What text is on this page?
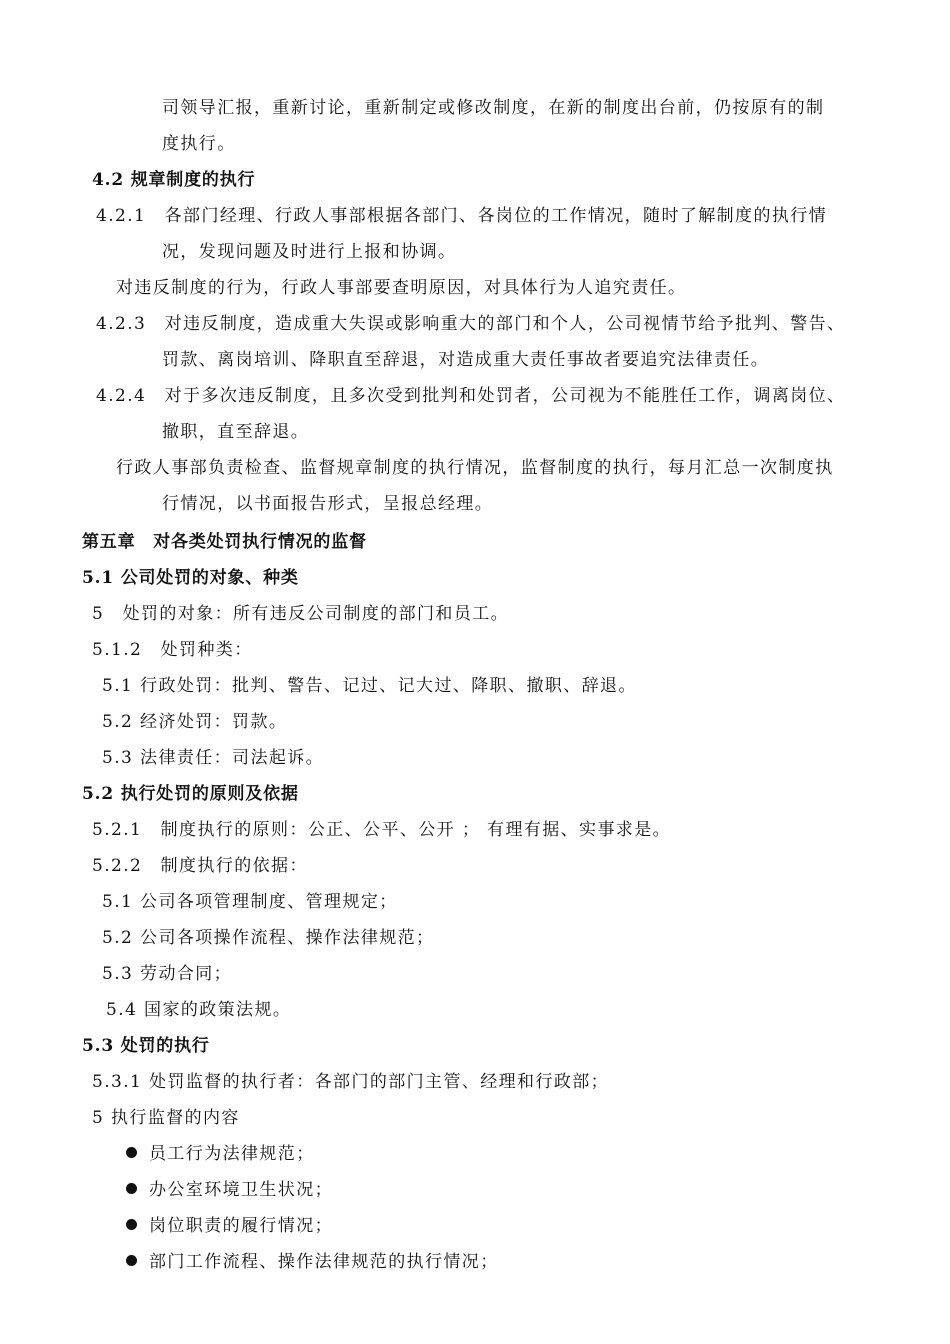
司领导汇报，重新讨论，重新制定或修改制度，在新的制度出台前，仍按原有的制
度执行。
4.2 规章制度的执行
4.2.1　各部门经理、行政人事部根据各部门、各岗位的工作情况，随时了解制度的执行情
况，发现问题及时进行上报和协调。
对违反制度的行为，行政人事部要查明原因，对具体行为人追究责任。
4.2.3　对违反制度，造成重大失误或影响重大的部门和个人，公司视情节给予批判、警告、
罚款、离岗培训、降职直至辞退，对造成重大责任事故者要追究法律责任。
4.2.4　对于多次违反制度，且多次受到批判和处罚者，公司视为不能胜任工作，调离岗位、
撤职，直至辞退。
行政人事部负责检查、监督规章制度的执行情况，监督制度的执行，每月汇总一次制度执
行情况，以书面报告形式，呈报总经理。
第五章　对各类处罚执行情况的监督
5.1 公司处罚的对象、种类
5　处罚的对象：所有违反公司制度的部门和员工。
5.1.2　处罚种类：
5.1 行政处罚：批判、警告、记过、记大过、降职、撤职、辞退。
5.2 经济处罚：罚款。
5.3 法律责任：司法起诉。
5.2 执行处罚的原则及依据
5.2.1　制度执行的原则：公正、公平、公开 ； 有理有据、实事求是。
5.2.2　制度执行的依据：
5.1 公司各项管理制度、管理规定；
5.2 公司各项操作流程、操作法律规范；
5.3 劳动合同；
5.4 国家的政策法规。
5.3 处罚的执行
5.3.1 处罚监督的执行者：各部门的部门主管、经理和行政部；
5 执行监督的内容
员工行为法律规范；
办公室环境卫生状况；
岗位职责的履行情况；
部门工作流程、操作法律规范的执行情况；
